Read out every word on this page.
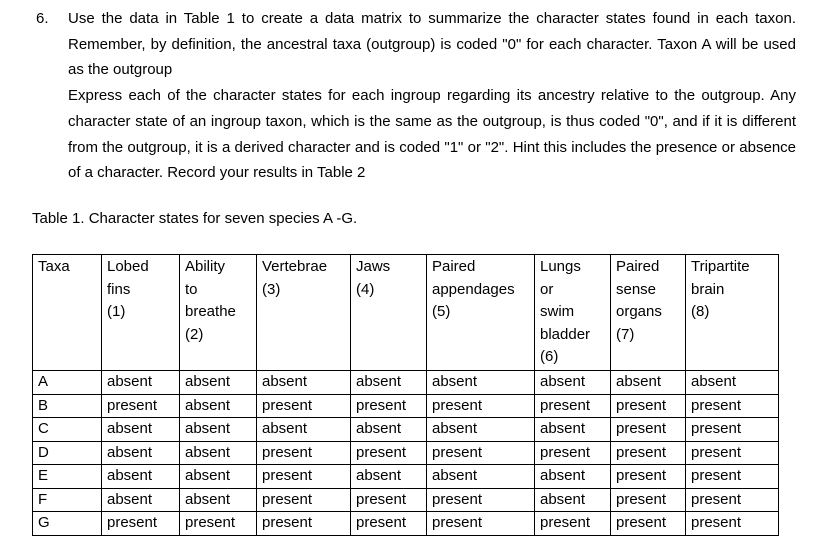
6. Use the data in Table 1 to create a data matrix to summarize the character states found in each taxon. Remember, by definition, the ancestral taxa (outgroup) is coded "0" for each character. Taxon A will be used as the outgroup

Express each of the character states for each ingroup regarding its ancestry relative to the outgroup. Any character state of an ingroup taxon, which is the same as the outgroup, is thus coded "0", and if it is different from the outgroup, it is a derived character and is coded "1" or "2". Hint this includes the presence or absence of a character. Record your results in Table 2

Table 1. Character states for seven species A -G.
Taxa	Lobed
fins
(1)	Ability
to
breathe
(2)	Vertebrae
(3)	Jaws
(4)	Paired
appendages
(5)	Lungs
or
swim
bladder
(6)	Paired
sense
organs
(7)	Tripartite
brain
(8)
A	absent	absent	absent	absent	absent	absent	absent	absent
B	present	absent	present	present	present	present	present	present
C	absent	absent	absent	absent	absent	absent	present	present
D	absent	absent	present	present	present	present	present	present
E	absent	absent	present	absent	absent	absent	present	present
F	absent	absent	present	present	present	absent	present	present
G	present	present	present	present	present	present	present	present
